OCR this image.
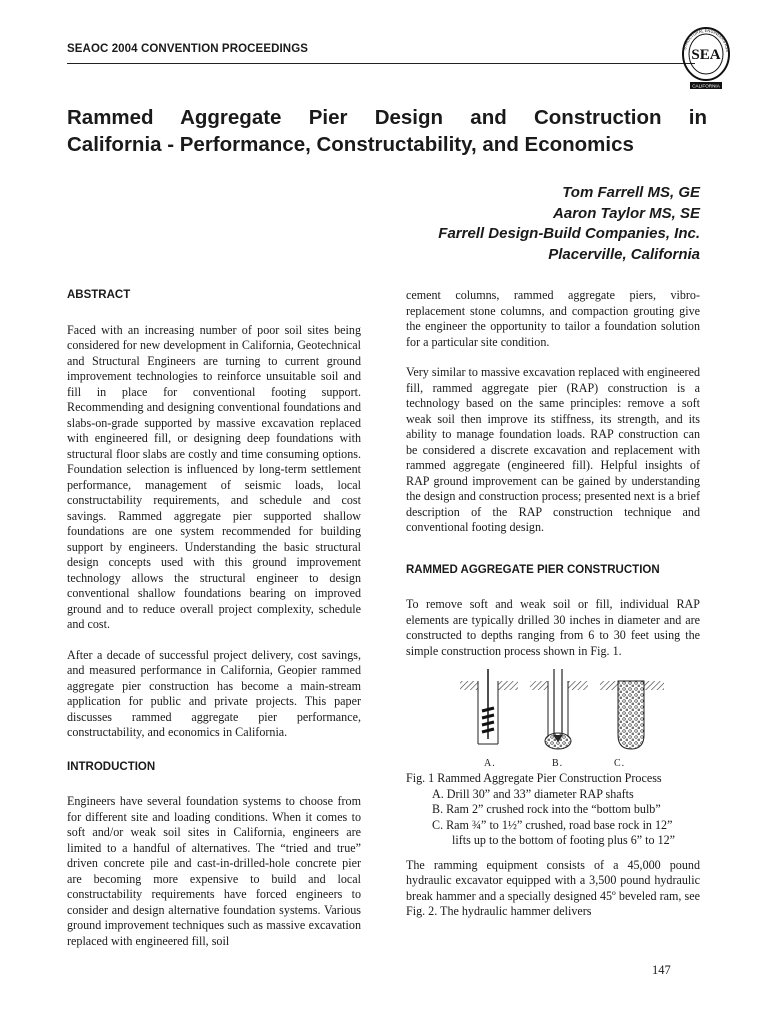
SEAOC 2004 CONVENTION PROCEEDINGS	STRUCTURAL ENGINEERS ASS
SEA
CALIFORNIA
Rammed Aggregate Pier Design and Construction in
California - Performance, Constructability, and Economics
Tom Farrell MS, GE
Aaron Taylor MS, SE
Farrell Design-Build Companies, Inc.
Placerville, California
ABSTRACT

Faced with an increasing number of poor soil sites being considered for new development in California, Geotechnical and Structural Engineers are turning to current ground improvement technologies to reinforce unsuitable soil and fill in place for conventional footing support. Recommending and designing conventional foundations and slabs-on-grade supported by massive excavation replaced with engineered fill, or designing deep foundations with structural floor slabs are costly and time consuming options. Foundation selection is influenced by long-term settlement performance, management of seismic loads, local constructability requirements, and schedule and cost savings. Rammed aggregate pier supported shallow foundations are one system recommended for building support by engineers. Understanding the basic structural design concepts used with this ground improvement technology allows the structural engineer to design conventional shallow foundations bearing on improved ground and to reduce overall project complexity, schedule and cost.

After a decade of successful project delivery, cost savings, and measured performance in California, Geopier rammed aggregate pier construction has become a main-stream application for public and private projects. This paper discusses rammed aggregate pier performance, constructability, and economics in California.

INTRODUCTION

Engineers have several foundation systems to choose from for different site and loading conditions. When it comes to soft and/or weak soil sites in California, engineers are limited to a handful of alternatives. The “tried and true” driven concrete pile and cast-in-drilled-hole concrete pier are becoming more expensive to build and local constructability requirements have forced engineers to consider and design alternative foundation systems. Various ground improvement techniques such as massive excavation replaced with engineered fill, soil

cement columns, rammed aggregate piers, vibro-replacement stone columns, and compaction grouting give the engineer the opportunity to tailor a foundation solution for a particular site condition.

Very similar to massive excavation replaced with engineered fill, rammed aggregate pier (RAP) construction is a technology based on the same principles: remove a soft weak soil then improve its stiffness, its strength, and its ability to manage foundation loads. RAP construction can be considered a discrete excavation and replacement with rammed aggregate (engineered fill). Helpful insights of RAP ground improvement can be gained by understanding the design and construction process; presented next is a brief description of the RAP construction technique and conventional footing design.

RAMMED AGGREGATE PIER CONSTRUCTION

To remove soft and weak soil or fill, individual RAP elements are typically drilled 30 inches in diameter and are constructed to depths ranging from 6 to 30 feet using the simple construction process shown in Fig. 1.

A.	B.	C.
Fig. 1 Rammed Aggregate Pier Construction Process
A. Drill 30” and 33” diameter RAP shafts
B. Ram 2” crushed rock into the “bottom bulb”
C. Ram ¾” to 1½” crushed, road base rock in 12”
lifts up to the bottom of footing plus 6” to 12”

The ramming equipment consists of a 45,000 pound hydraulic excavator equipped with a 3,500 pound hydraulic break hammer and a specially designed 45º beveled ram, see Fig. 2. The hydraulic hammer delivers

147
